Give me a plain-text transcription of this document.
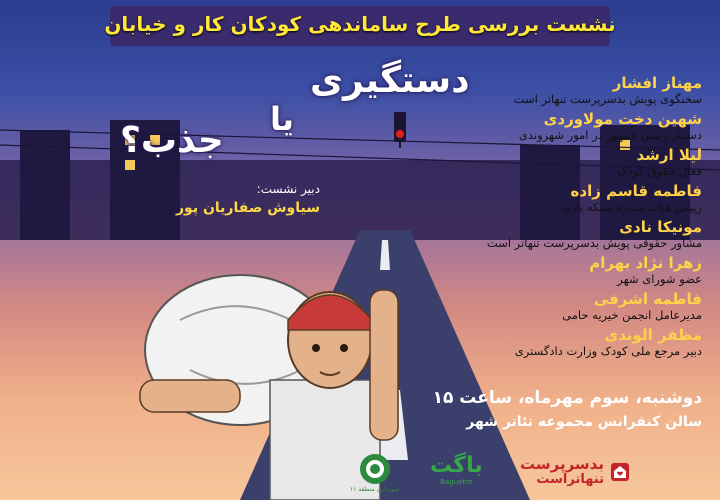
نشست بررسی طرح ساماندهی کودکان کار و خیابان
دستگیری
یا
جذب؟
دبیر نشست:
سیاوش صفاریان پور
مهناز افشار
سخنگوی پویش بدسرپرست تنهاتر است
شهین دخت مولاوردی
دستیار رییس جمهور در امور شهروندی
لیلا ارشد
فعال حقوق کودک
فاطمه قاسم زاده
رییس هیات مدیره شبکه یاری
مونیکا نادی
مشاور حقوقی پویش بدسرپرست تنهاتر است
زهرا نژاد بهرام
عضو شورای شهر
فاطمه اشرفی
مدیرعامل انجمن خیریه حامی
مظفر الوندی
دبیر مرجع ملی کودک وزارت دادگستری
دوشنبه، سوم مهرماه، ساعت ۱۵
سالن کنفرانس مجموعه تئاتر شهر
بدسرپرست
تنهاتراست
باگت
Baguette
شهرداری منطقه ۱۱
